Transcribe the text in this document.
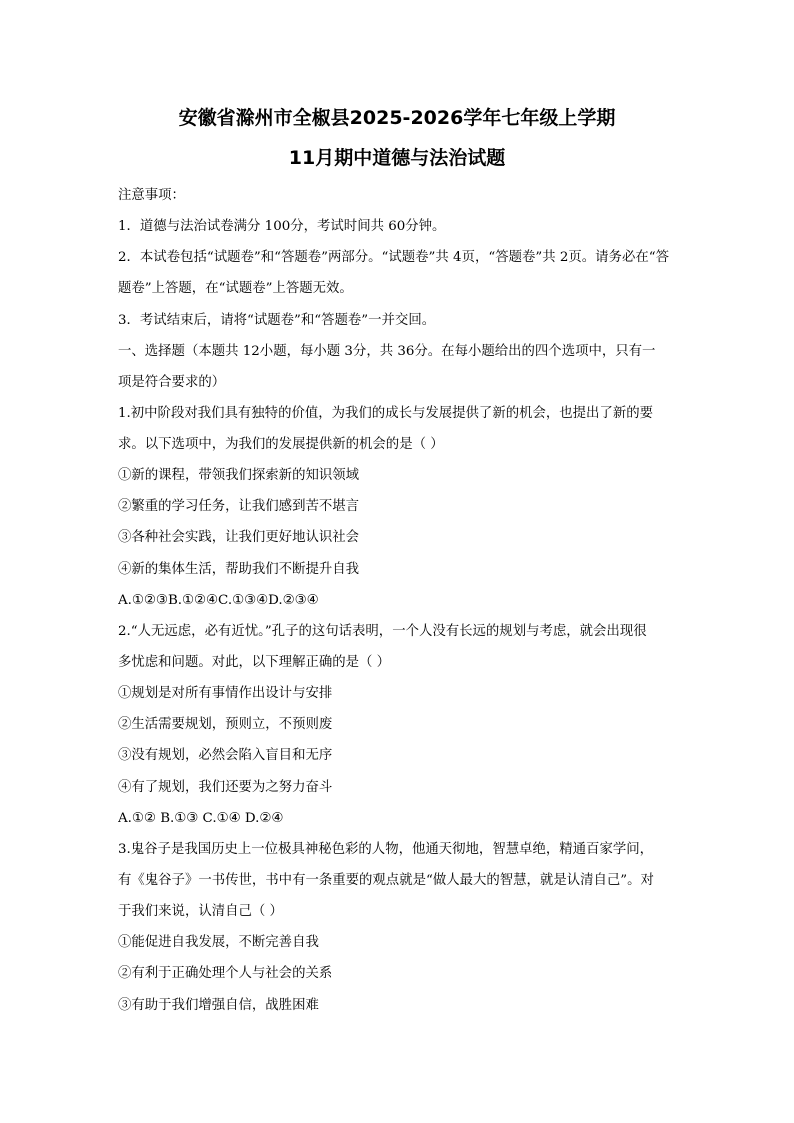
安徽省滁州市全椒县2025-2026学年七年级上学期
11月期中道德与法治试题
注意事项：
1．道德与法治试卷满分 100分，考试时间共 60分钟。
2．本试卷包括“试题卷”和“答题卷”两部分。“试题卷”共 4页，“答题卷”共 2页。请务必在“答
题卷”上答题，在“试题卷”上答题无效。
3．考试结束后，请将“试题卷”和“答题卷”一并交回。
一、选择题（本题共 12小题，每小题 3分，共 36分。在每小题给出的四个选项中，只有一
项是符合要求的）
1.初中阶段对我们具有独特的价值，为我们的成长与发展提供了新的机会，也提出了新的要
求。以下选项中，为我们的发展提供新的机会的是（ ）
①新的课程，带领我们探索新的知识领域
②繁重的学习任务，让我们感到苦不堪言
③各种社会实践，让我们更好地认识社会
④新的集体生活，帮助我们不断提升自我
A.①②③B.①②④C.①③④D.②③④
2.“人无远虑，必有近忧。”孔子的这句话表明，一个人没有长远的规划与考虑，就会出现很
多忧虑和问题。对此，以下理解正确的是（ ）
①规划是对所有事情作出设计与安排
②生活需要规划，预则立，不预则废
③没有规划，必然会陷入盲目和无序
④有了规划，我们还要为之努力奋斗
A.①② B.①③ C.①④ D.②④
3.鬼谷子是我国历史上一位极具神秘色彩的人物，他通天彻地，智慧卓绝，精通百家学问，
有《鬼谷子》一书传世，书中有一条重要的观点就是“做人最大的智慧，就是认清自己”。对
于我们来说，认清自己（ ）
①能促进自我发展，不断完善自我
②有利于正确处理个人与社会的关系
③有助于我们增强自信，战胜困难
